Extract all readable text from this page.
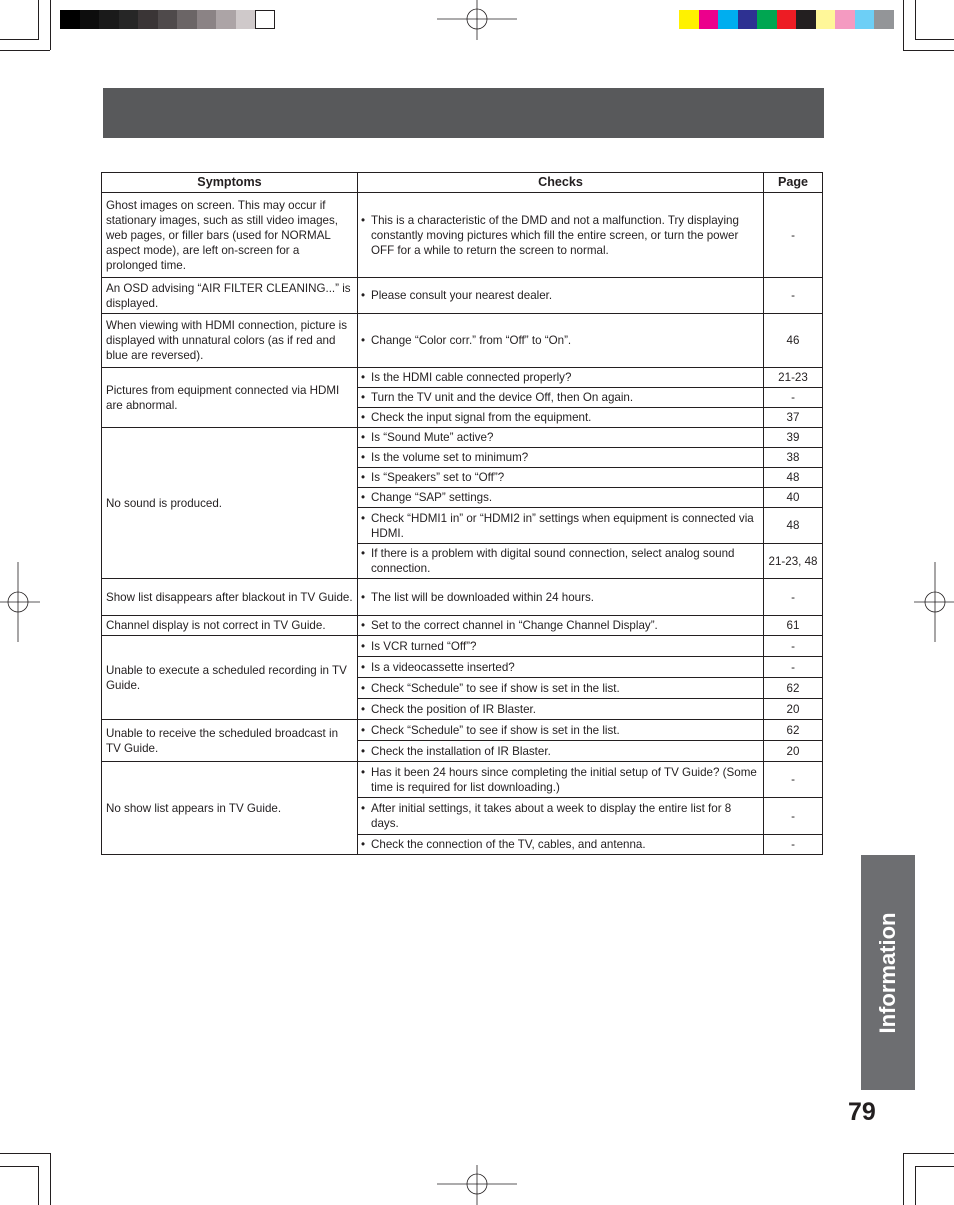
Symptoms	Checks	Page
Ghost images on screen. This may occur if stationary images, such as still video images, web pages, or filler bars (used for NORMAL aspect mode), are left on-screen for a prolonged time.	• This is a characteristic of the DMD and not a malfunction. Try displaying constantly moving pictures which fill the entire screen, or turn the power OFF for a while to return the screen to normal.	-
An OSD advising “AIR FILTER CLEANING...” is displayed.	• Please consult your nearest dealer.	-
When viewing with HDMI connection, picture is displayed with unnatural colors (as if red and blue are reversed).	• Change “Color corr.” from “Off” to “On”.	46
Pictures from equipment connected via HDMI are abnormal.	• Is the HDMI cable connected properly?	21-23

	• Turn the TV unit and the device Off, then On again.	-

	• Check the input signal from the equipment.	37
No sound is produced.	• Is “Sound Mute” active?	39

	• Is the volume set to minimum?	38

	• Is “Speakers” set to “Off”?	48

	• Change “SAP” settings.	40

	• Check “HDMI1 in” or “HDMI2 in” settings when equipment is connected via HDMI.	48

	• If there is a problem with digital sound connection, select analog sound connection.	21-23, 48
Show list disappears after blackout in TV Guide.	• The list will be downloaded within 24 hours.	-
Channel display is not correct in TV Guide.	• Set to the correct channel in “Change Channel Display”.	61
Unable to execute a scheduled recording in TV Guide.	• Is VCR turned “Off”?	-

	• Is a videocassette inserted?	-

	• Check “Schedule” to see if show is set in the list.	62

	• Check the position of IR Blaster.	20
Unable to receive the scheduled broadcast in TV Guide.	• Check “Schedule” to see if show is set in the list.	62

	• Check the installation of IR Blaster.	20
No show list appears in TV Guide.	• Has it been 24 hours since completing the initial setup of TV Guide? (Some time is required for list downloading.)	-

	• After initial settings, it takes about a week to display the entire list for 8 days.	-

	• Check the connection of the TV, cables, and antenna.	-
Information
79
